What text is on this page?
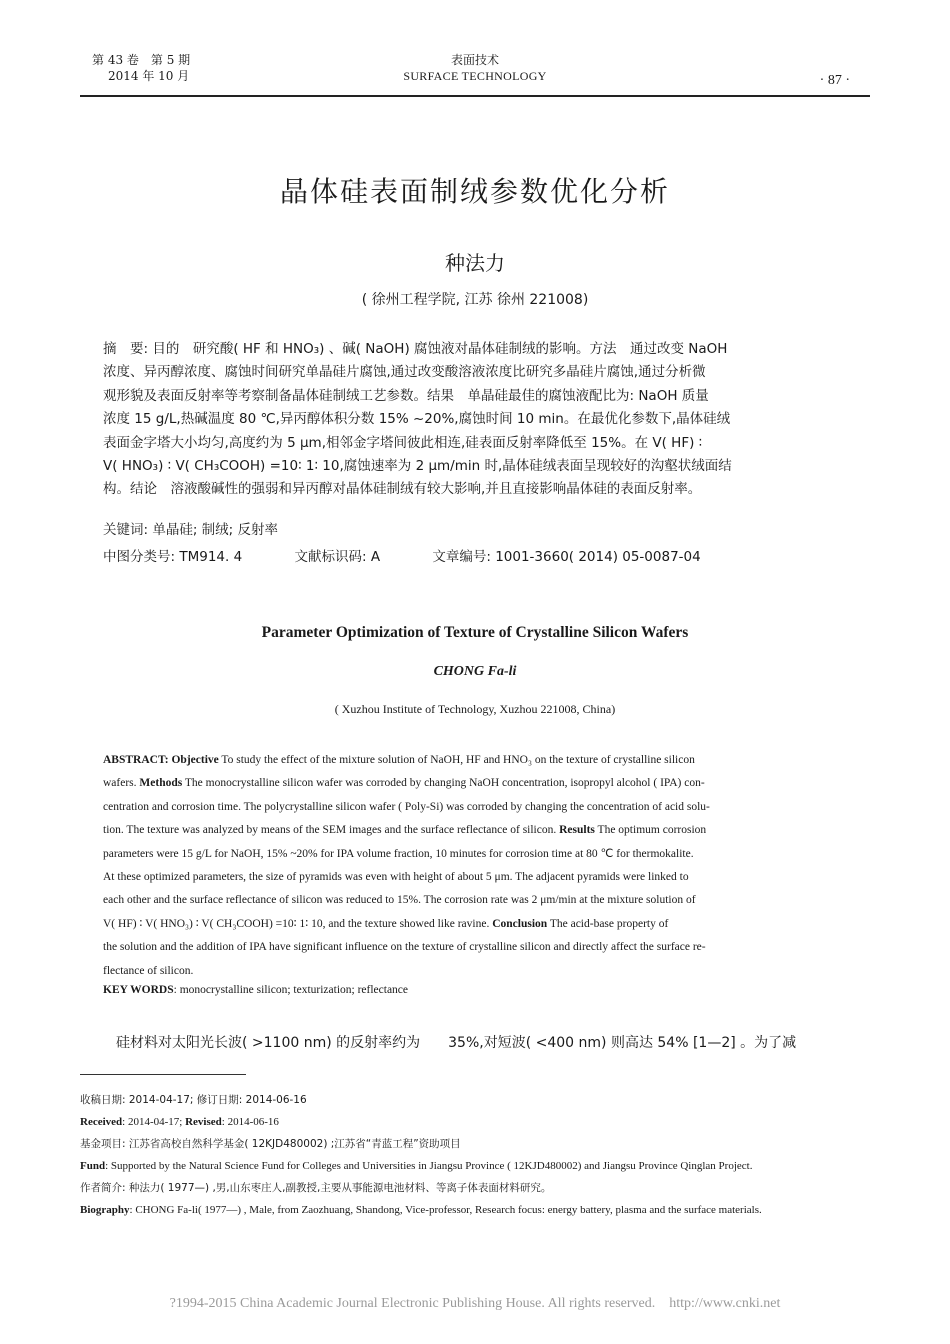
第 43 卷　第 5 期
2014 年 10 月
表面技术
SURFACE TECHNOLOGY	· 87 ·
晶体硅表面制绒参数优化分析
种法力
( 徐州工程学院, 江苏 徐州 221008)

摘　要: 目的　研究酸( HF 和 HNO₃) 、碱( NaOH) 腐蚀液对晶体硅制绒的影响。方法　通过改变 NaOH

浓度、异丙醇浓度、腐蚀时间研究单晶硅片腐蚀,通过改变酸溶液浓度比研究多晶硅片腐蚀,通过分析微

观形貌及表面反射率等考察制备晶体硅制绒工艺参数。结果　单晶硅最佳的腐蚀液配比为: NaOH 质量

浓度 15 g/L,热碱温度 80 ℃,异丙醇体积分数 15% ~20%,腐蚀时间 10 min。在最优化参数下,晶体硅绒

表面金字塔大小均匀,高度约为 5 μm,相邻金字塔间彼此相连,硅表面反射率降低至 15%。在 V( HF) ∶

V( HNO₃) ∶ V( CH₃COOH) =10∶ 1∶ 10,腐蚀速率为 2 μm/min 时,晶体硅绒表面呈现较好的沟壑状绒面结

构。结论　溶液酸碱性的强弱和异丙醇对晶体硅制绒有较大影响,并且直接影响晶体硅的表面反射率。

关键词: 单晶硅; 制绒; 反射率
中图分类号: TM914. 4	文献标识码: A	文章编号: 1001-3660( 2014) 05-0087-04
Parameter Optimization of Texture of Crystalline Silicon Wafers
CHONG Fa-li
( Xuzhou Institute of Technology, Xuzhou 221008, China)

ABSTRACT: Objective To study the effect of the mixture solution of NaOH, HF and HNO₃ on the texture of crystalline silicon

wafers. Methods The monocrystalline silicon wafer was corroded by changing NaOH concentration, isopropyl alcohol ( IPA) con-

centration and corrosion time. The polycrystalline silicon wafer ( Poly-Si) was corroded by changing the concentration of acid solu-

tion. The texture was analyzed by means of the SEM images and the surface reflectance of silicon. Results The optimum corrosion

parameters were 15 g/L for NaOH, 15% ~20% for IPA volume fraction, 10 minutes for corrosion time at 80 ℃ for thermokalite.

At these optimized parameters, the size of pyramids was even with height of about 5 μm. The adjacent pyramids were linked to

each other and the surface reflectance of silicon was reduced to 15%. The corrosion rate was 2 μm/min at the mixture solution of

V( HF) ∶ V( HNO₃) ∶ V( CH₃COOH) =10∶ 1∶ 10, and the texture showed like ravine. Conclusion The acid-base property of

the solution and the addition of IPA have significant influence on the texture of crystalline silicon and directly affect the surface re-

flectance of silicon.

KEY WORDS: monocrystalline silicon; texturization; reflectance
硅材料对太阳光长波( >1100 nm) 的反射率约为　　35%,对短波( <400 nm) 则高达 54% [1—2] 。为了减
收稿日期: 2014-04-17; 修订日期: 2014-06-16
Received: 2014-04-17; Revised: 2014-06-16
基金项目: 江苏省高校自然科学基金( 12KJD480002) ;江苏省“青蓝工程”资助项目
Fund: Supported by the Natural Science Fund for Colleges and Universities in Jiangsu Province ( 12KJD480002) and Jiangsu Province Qinglan Project.
作者简介: 种法力( 1977—) ,男,山东枣庄人,副教授,主要从事能源电池材料、等离子体表面材料研究。
Biography: CHONG Fa-li( 1977—) , Male, from Zaozhuang, Shandong, Vice-professor, Research focus: energy battery, plasma and the surface materials.
?1994-2015 China Academic Journal Electronic Publishing House. All rights reserved.    http://www.cnki.net
